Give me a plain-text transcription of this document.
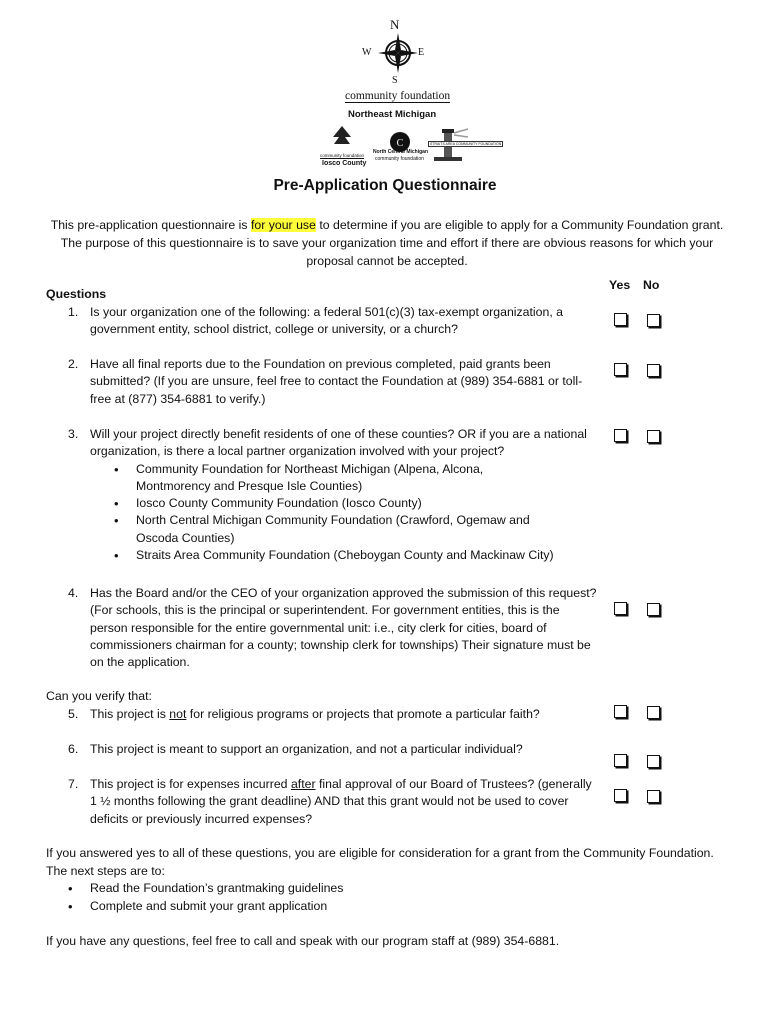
N
W	E
S
community foundation
Northeast Michigan
community foundation
Iosco County
C
North Central Michigan
community foundation
STRAITS AREA COMMUNITY FOUNDATION
Pre-Application Questionnaire
This pre-application questionnaire is for your use to determine if you are eligible to apply for a Community Foundation grant. The purpose of this questionnaire is to save your organization time and effort if there are obvious reasons for which your proposal cannot be accepted.
Yes No
Questions
1. Is your organization one of the following: a federal 501(c)(3) tax-exempt organization, a government entity, school district, college or university, or a church?
2. Have all final reports due to the Foundation on previous completed, paid grants been submitted? (If you are unsure, feel free to contact the Foundation at (989) 354-6881 or toll-free at (877) 354-6881 to verify.)
3. Will your project directly benefit residents of one of these counties? OR if you are a national organization, is there a local partner organization involved with your project?
• Community Foundation for Northeast Michigan (Alpena, Alcona, Montmorency and Presque Isle Counties)
• Iosco County Community Foundation (Iosco County)
• North Central Michigan Community Foundation (Crawford, Ogemaw and Oscoda Counties)
• Straits Area Community Foundation (Cheboygan County and Mackinaw City)
4. Has the Board and/or the CEO of your organization approved the submission of this request? (For schools, this is the principal or superintendent. For government entities, this is the person responsible for the entire governmental unit: i.e., city clerk for cities, board of commissioners chairman for a county; township clerk for townships) Their signature must be on the application.
Can you verify that:
5. This project is not for religious programs or projects that promote a particular faith?
6. This project is meant to support an organization, and not a particular individual?
7. This project is for expenses incurred after final approval of our Board of Trustees? (generally 1 ½ months following the grant deadline) AND that this grant would not be used to cover deficits or previously incurred expenses?
If you answered yes to all of these questions, you are eligible for consideration for a grant from the Community Foundation. The next steps are to:
• Read the Foundation’s grantmaking guidelines
• Complete and submit your grant application
If you have any questions, feel free to call and speak with our program staff at (989) 354-6881.
